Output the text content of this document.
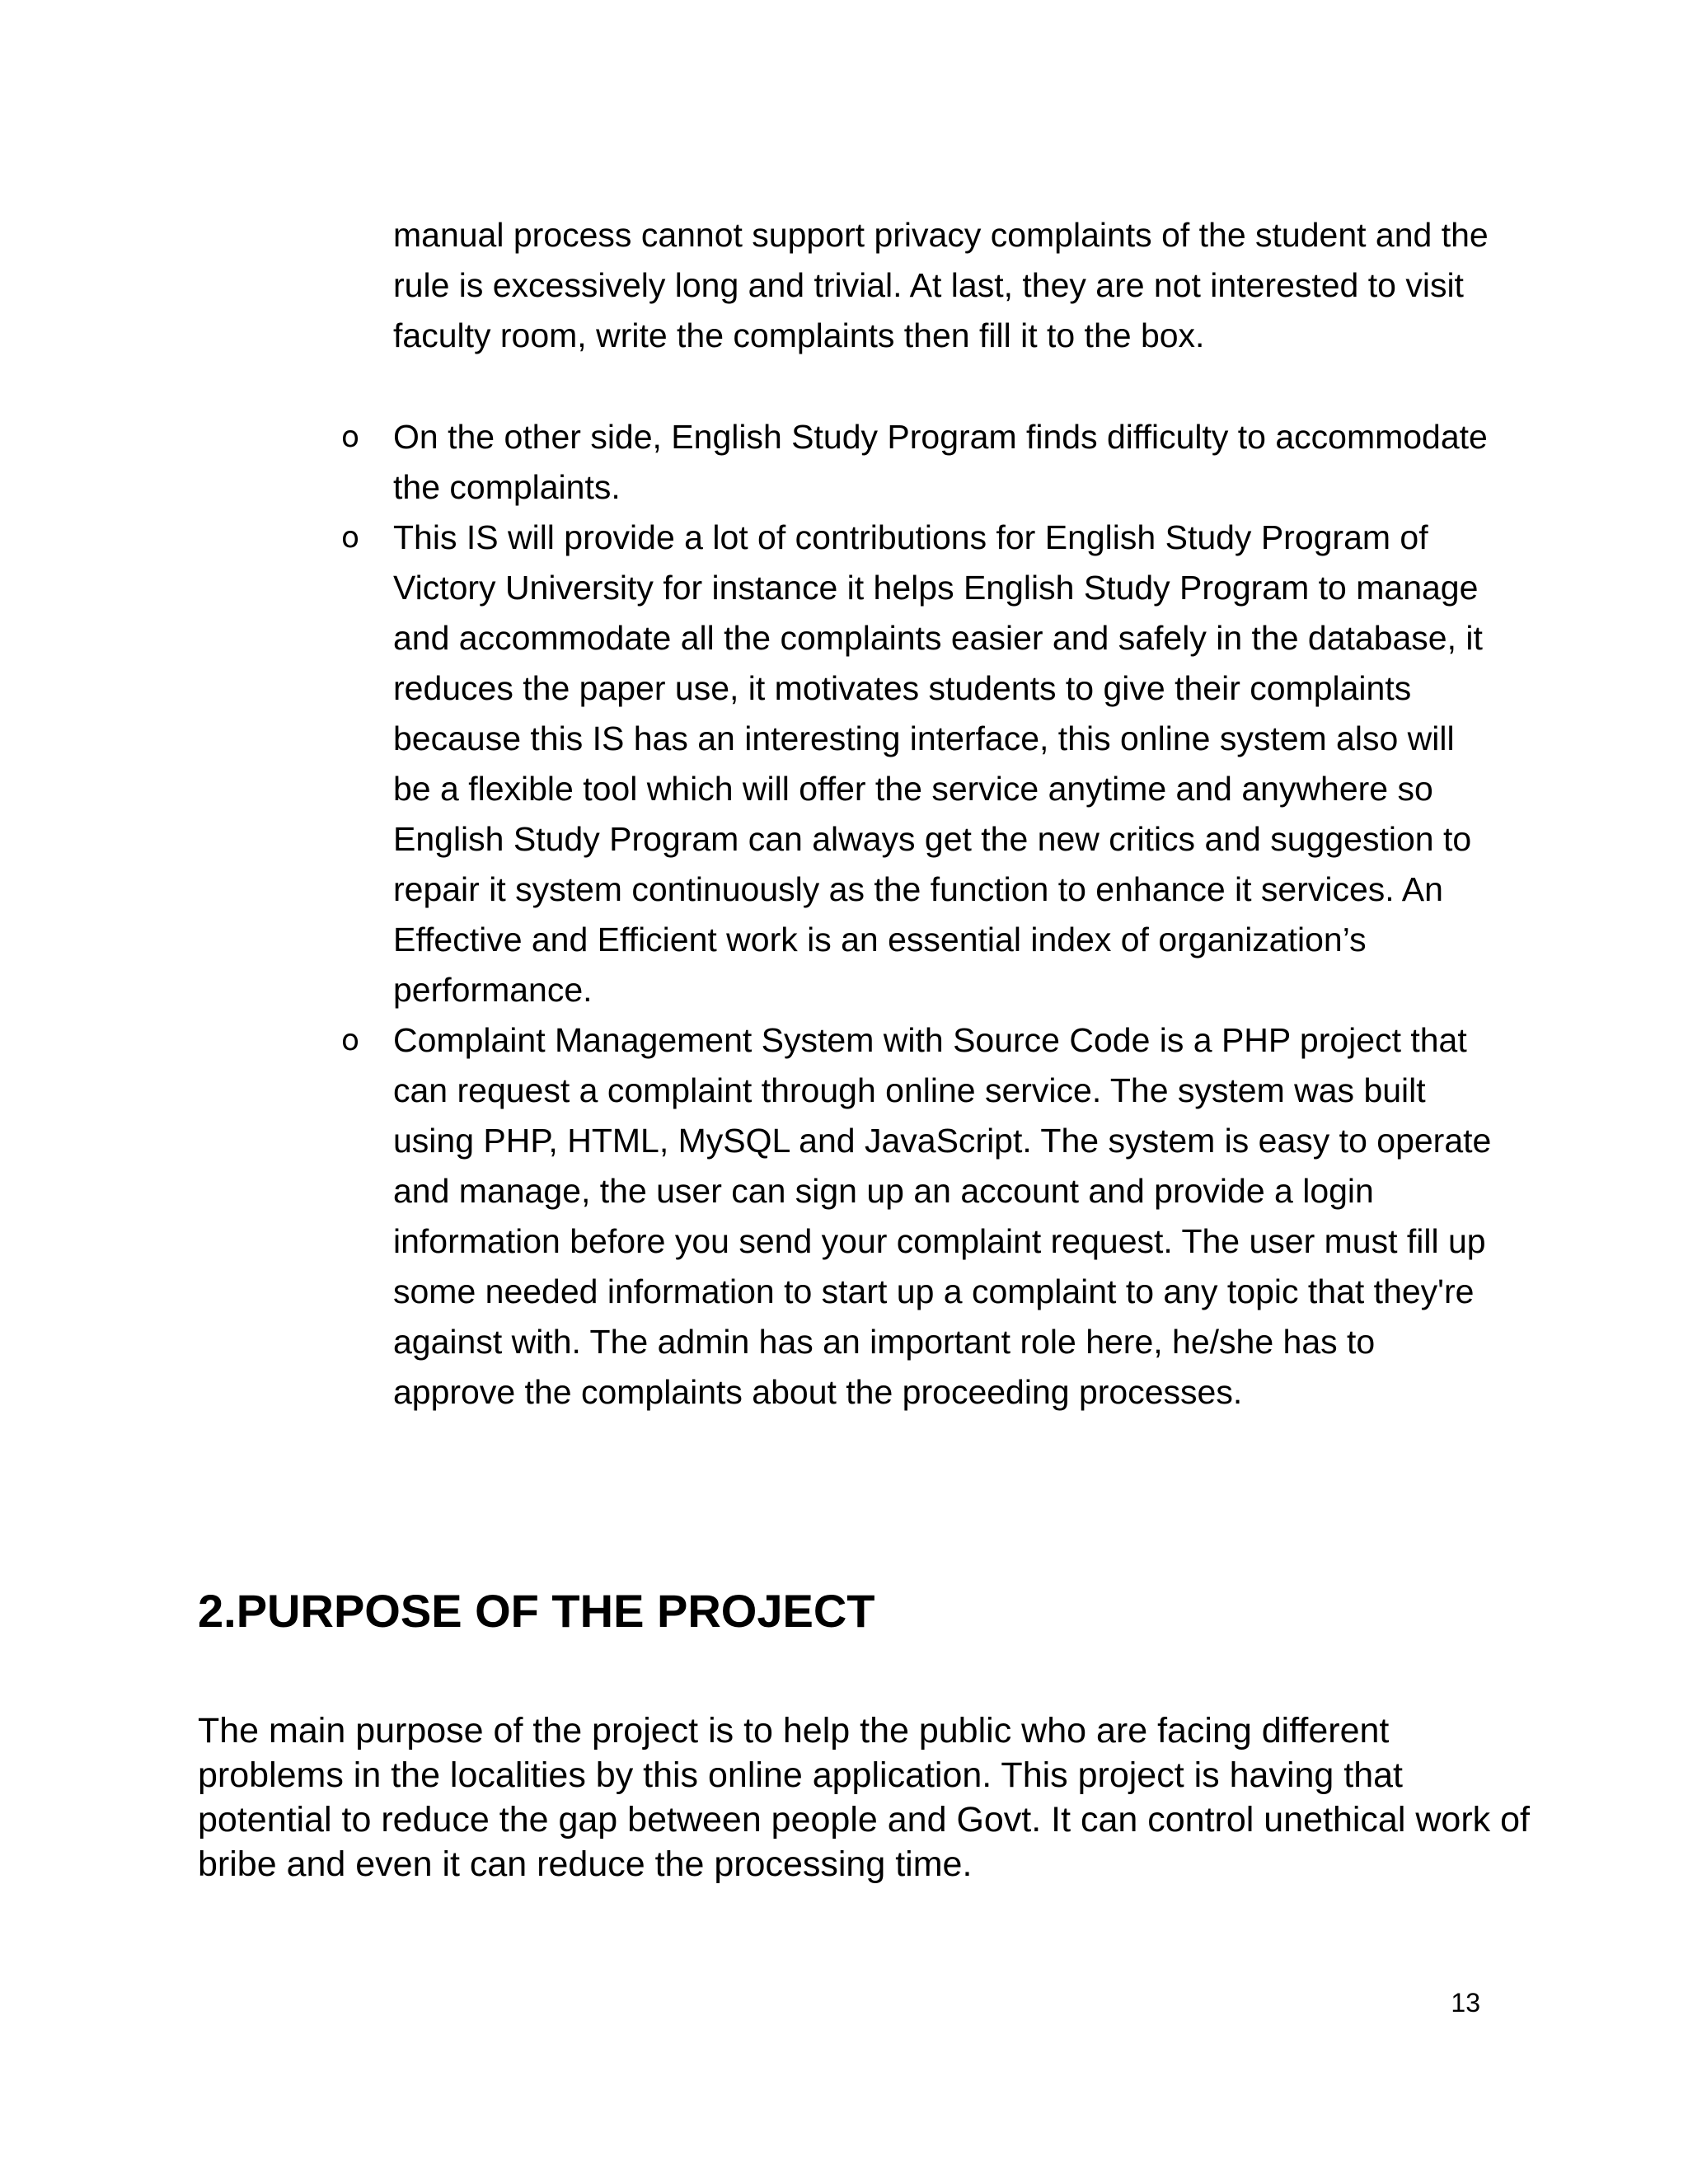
manual process cannot support privacy complaints of the student and the rule is excessively long and trivial. At last, they are not interested to visit faculty room, write the complaints then fill it to the box.

o On the other side, English Study Program finds difficulty to accommodate the complaints.
o This IS will provide a lot of contributions for English Study Program of Victory University for instance it helps English Study Program to manage and accommodate all the complaints easier and safely in the database, it reduces the paper use, it motivates students to give their complaints because this IS has an interesting interface, this online system also will be a flexible tool which will offer the service anytime and anywhere so English Study Program can always get the new critics and suggestion to repair it system continuously as the function to enhance it services. An Effective and Efficient work is an essential index of organization’s performance.
o Complaint Management System with Source Code is a PHP project that can request a complaint through online service. The system was built using PHP, HTML, MySQL and JavaScript. The system is easy to operate and manage, the user can sign up an account and provide a login information before you send your complaint request. The user must fill up some needed information to start up a complaint to any topic that they're against with. The admin has an important role here, he/she has to approve the complaints about the proceeding processes.
2.PURPOSE OF THE PROJECT

The main purpose of the project is to help the public who are facing different problems in the localities by this online application. This project is having that potential to reduce the gap between people and Govt. It can control unethical work of bribe and even it can reduce the processing time.

13
